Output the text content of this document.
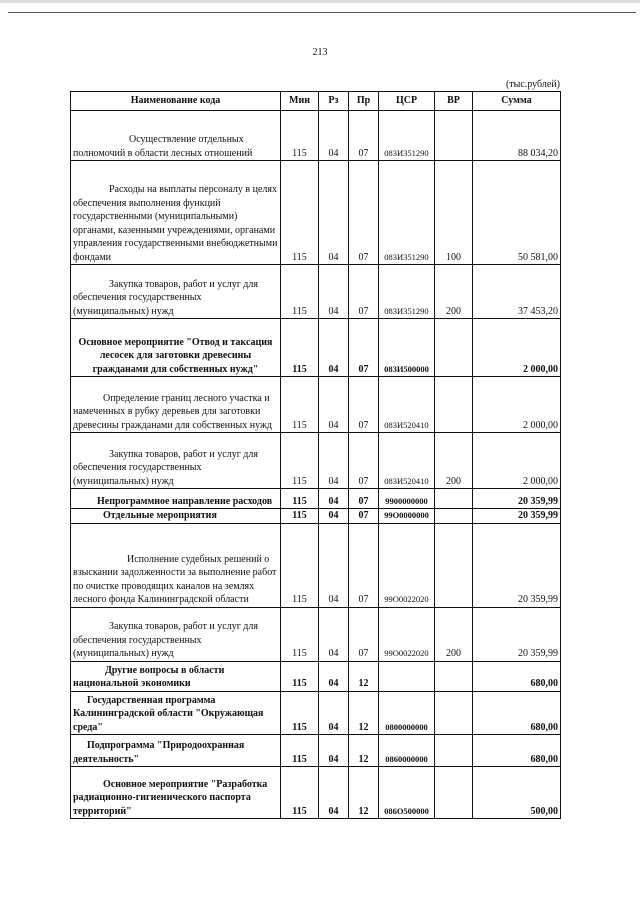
213
(тыс.рублей)
Наименование кода	Мин	Рз	Пр	ЦСР	ВР	Сумма

Осуществление отдельных полномочий в области лесных отношений	115	04	07	083И351290		88 034,20

Расходы на выплаты персоналу в целях обеспечения выполнения функций государственными (муниципальными) органами, казенными учреждениями, органами управления государственными внебюджетными фондами	115	04	07	083И351290	100	50 581,00

Закупка товаров, работ и услуг для обеспечения государственных (муниципальных) нужд	115	04	07	083И351290	200	37 453,20

Основное мероприятие "Отвод и таксация лесосек для заготовки древесины гражданами для собственных нужд"	115	04	07	083И500000		2 000,00

Определение границ лесного участка и намеченных в рубку деревьев для заготовки древесины гражданами для собственных нужд	115	04	07	083И520410		2 000,00

Закупка товаров, работ и услуг для обеспечения государственных (муниципальных) нужд	115	04	07	083И520410	200	2 000,00

Непрограммное направление расходов	115	04	07	9900000000		20 359,99

Отдельные мероприятия	115	04	07	99О0000000		20 359,99

Исполнение судебных решений о взыскании задолженности за выполнение работ по очистке проводящих каналов на землях лесного фонда Калининградской области	115	04	07	99О0022020		20 359,99

Закупка товаров, работ и услуг для обеспечения государственных (муниципальных) нужд	115	04	07	99О0022020	200	20 359,99

Другие вопросы в области национальной экономики	115	04	12			680,00

Государственная программа Калининградской области "Окружающая среда"	115	04	12	0800000000		680,00

Подпрограмма "Природоохранная деятельность"	115	04	12	0860000000		680,00

Основное мероприятие "Разработка радиационно-гигиенического паспорта территорий"	115	04	12	086О500000		500,00
